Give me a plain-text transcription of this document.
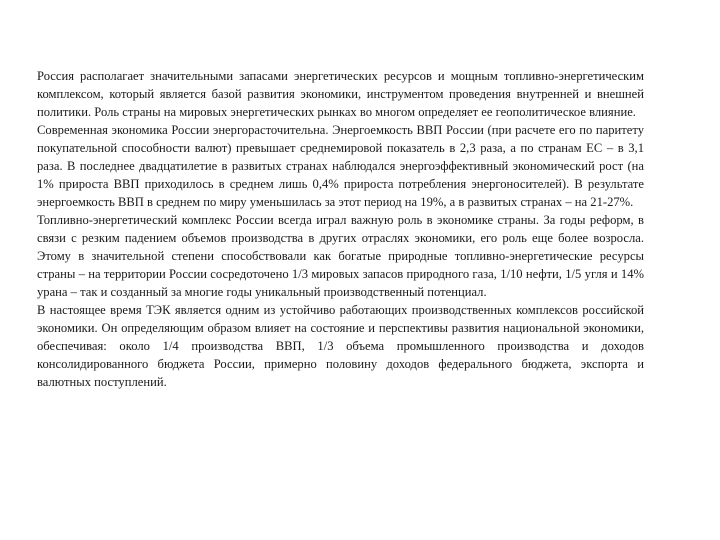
Россия располагает значительными запасами энергетических ресурсов и мощным топливно-энергетическим комплексом, который является базой развития экономики, инструментом проведения внутренней и внешней политики. Роль страны на мировых энергетических рынках во многом определяет ее геополитическое влияние.

Современная экономика России энергорасточительна. Энергоемкость ВВП России (при расчете его по паритету покупательной способности валют) превышает среднемировой показатель в 2,3 раза, а по странам ЕС – в 3,1 раза. В последнее двадцатилетие в развитых странах наблюдался энергоэффективный экономический рост (на 1% прироста ВВП приходилось в среднем лишь 0,4% прироста потребления энергоносителей). В результате энергоемкость ВВП в среднем по миру уменьшилась за этот период на 19%, а в развитых странах – на 21-27%.

Топливно-энергетический комплекс России всегда играл важную роль в экономике страны. За годы реформ, в связи с резким падением объемов производства в других отраслях экономики, его роль еще более возросла. Этому в значительной степени способствовали как богатые природные топливно-энергетические ресурсы страны – на территории России сосредоточено 1/3 мировых запасов природного газа, 1/10 нефти, 1/5 угля и 14% урана – так и созданный за многие годы уникальный производственный потенциал.

В настоящее время ТЭК является одним из устойчиво работающих производственных комплексов российской экономики. Он определяющим образом влияет на состояние и перспективы развития национальной экономики, обеспечивая: около 1/4 производства ВВП, 1/3 объема промышленного производства и доходов консолидированного бюджета России, примерно половину доходов федерального бюджета, экспорта и валютных поступлений.
